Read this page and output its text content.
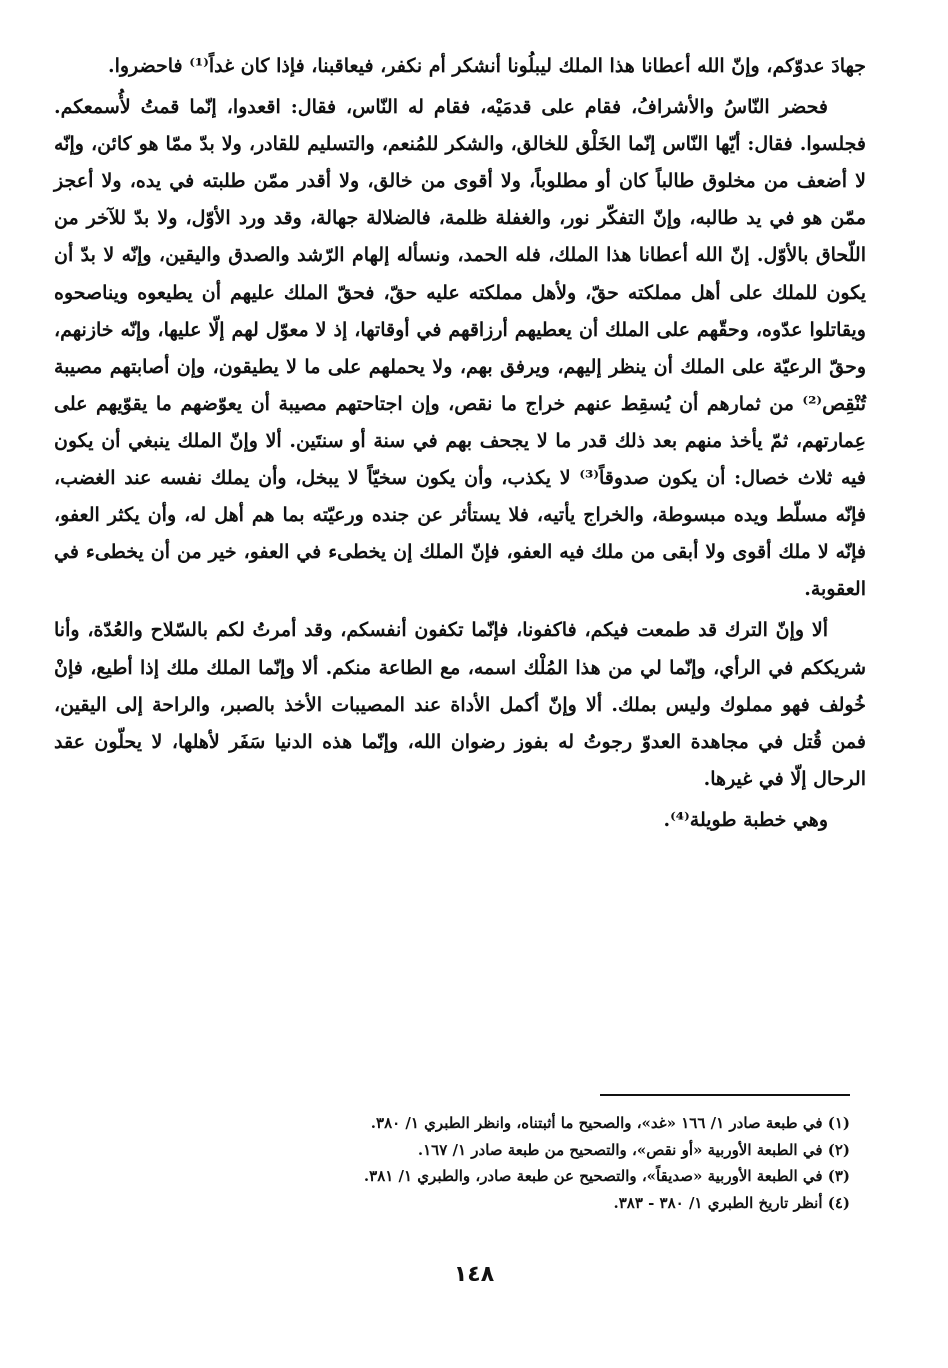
جهادَ عدوّكم، وإنّ الله أعطانا هذا الملك ليبلُونا أنشكر أم نكفر، فيعاقبنا، فإذا كان غداً⁽¹⁾ فاحضروا.

فحضر النّاسُ والأشرافُ، فقام على قدمَيْه، فقام له النّاس، فقال: اقعدوا، إنّما قمتُ لأُسمعكم. فجلسوا. فقال: أيّها النّاس إنّما الخَلْق للخالق، والشكر للمُنعم، والتسليم للقادر، ولا بدّ ممّا هو كائن، وإنّه لا أضعف من مخلوق طالباً كان أو مطلوباً، ولا أقوى من خالق، ولا أقدر ممّن طلبته في يده، ولا أعجز ممّن هو في يد طالبه، وإنّ التفكّر نور، والغفلة ظلمة، فالضلالة جهالة، وقد ورد الأوّل، ولا بدّ للآخر من اللّحاق بالأوّل. إنّ الله أعطانا هذا الملك، فله الحمد، ونسأله إلهام الرّشد والصدق واليقين، وإنّه لا بدّ أن يكون للملك على أهل مملكته حقّ، ولأهل مملكته عليه حقّ، فحقّ الملك عليهم أن يطيعوه ويناصحوه ويقاتلوا عدّوه، وحقّهم على الملك أن يعطيهم أرزاقهم في أوقاتها، إذ لا معوّل لهم إلّا عليها، وإنّه خازنهم، وحقّ الرعيّة على الملك أن ينظر إليهم، ويرفق بهم، ولا يحملهم على ما لا يطيقون، وإن أصابتهم مصيبة تُنْقِص⁽²⁾ من ثمارهم أن يُسقِط عنهم خراج ما نقص، وإن اجتاحتهم مصيبة أن يعوّضهم ما يقوّيهم على عِمارتهم، ثمّ يأخذ منهم بعد ذلك قدر ما لا يجحف بهم في سنة أو سنتَين. ألا وإنّ الملك ينبغي أن يكون فيه ثلاث خصال: أن يكون صدوقاً⁽³⁾ لا يكذب، وأن يكون سخيّاً لا يبخل، وأن يملك نفسه عند الغضب، فإنّه مسلّط ويده مبسوطة، والخراج يأتيه، فلا يستأثر عن جنده ورعيّته بما هم أهل له، وأن يكثر العفو، فإنّه لا ملك أقوى ولا أبقى من ملك فيه العفو، فإنّ الملك إن يخطىء في العفو، خير من أن يخطىء في العقوبة.

ألا وإنّ الترك قد طمعت فيكم، فاكفونا، فإنّما تكفون أنفسكم، وقد أمرتُ لكم بالسّلاح والعُدّة، وأنا شريككم في الرأي، وإنّما لي من هذا المُلْك اسمه، مع الطاعة منكم. ألا وإنّما الملك ملك إذا أطيع، فإنْ خُولف فهو مملوك وليس بملك. ألا وإنّ أكمل الأداة عند المصيبات الأخذ بالصبر، والراحة إلى اليقين، فمن قُتل في مجاهدة العدوّ رجوتُ له بفوز رضوان الله، وإنّما هذه الدنيا سَفَر لأهلها، لا يحلّون عقد الرحال إلّا في غيرها.

وهي خطبة طويلة⁽⁴⁾.

(١) في طبعة صادر ١/ ١٦٦ «غد»، والصحيح ما أثبتناه، وانظر الطبري ١/ ٣٨٠.

(٢) في الطبعة الأوربية «أو نقص»، والتصحيح من طبعة صادر ١/ ١٦٧.

(٣) في الطبعة الأوربية «صديقاً»، والتصحيح عن طبعة صادر، والطبري ١/ ٣٨١.

(٤) أنظر تاريخ الطبري ١/ ٣٨٠ - ٣٨٣.

١٤٨
